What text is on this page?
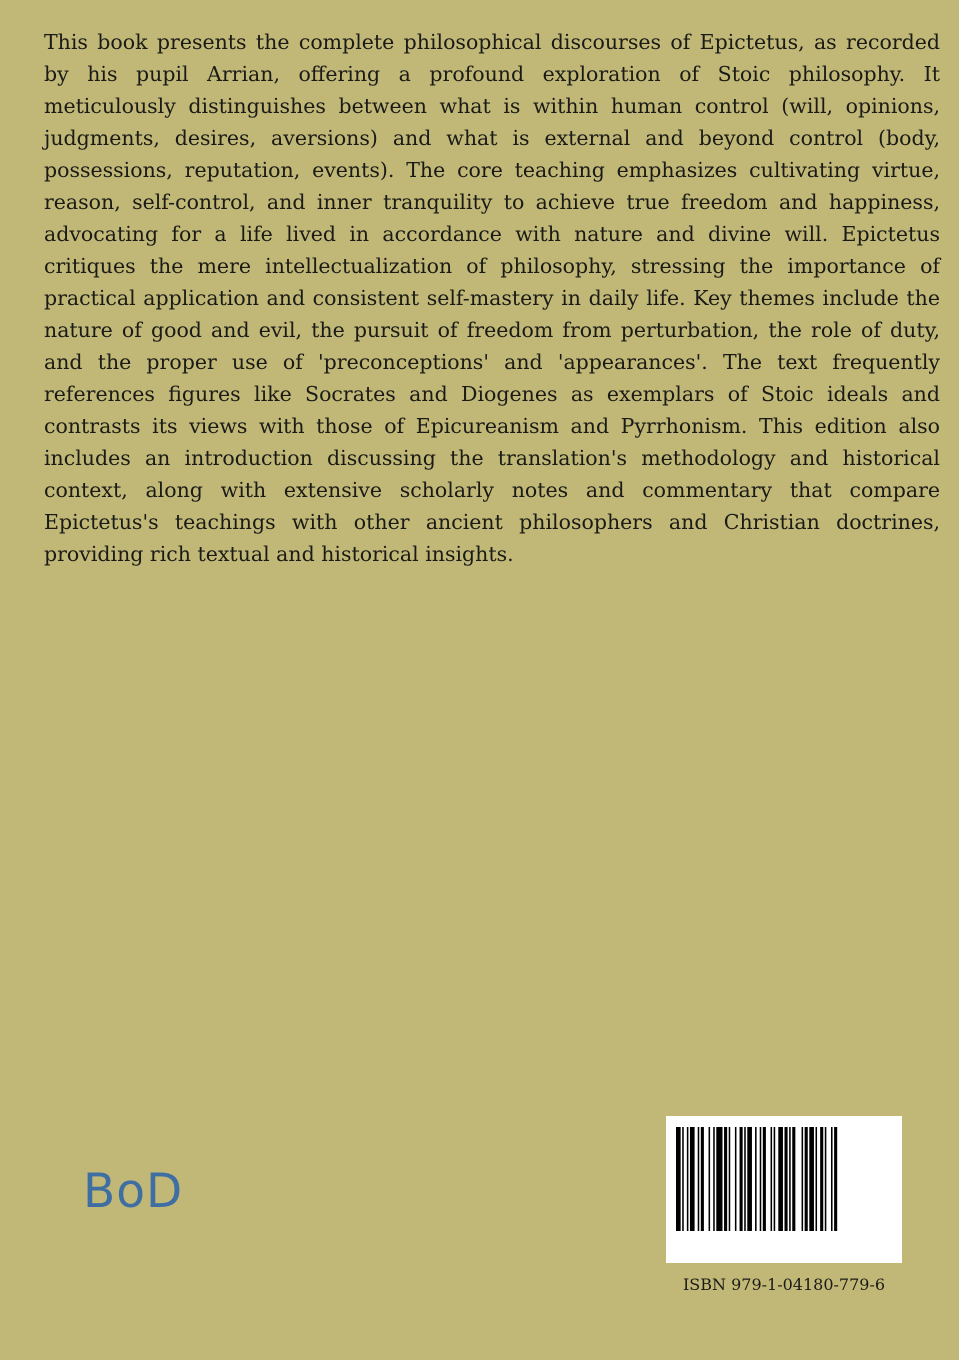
This book presents the complete philosophical discourses of Epictetus, as recorded by his pupil Arrian, offering a profound exploration of Stoic philosophy. It meticulously distinguishes between what is within human control (will, opinions, judgments, desires, aversions) and what is external and beyond control (body, possessions, reputation, events). The core teaching emphasizes cultivating virtue, reason, self-control, and inner tranquility to achieve true freedom and happiness, advocating for a life lived in accordance with nature and divine will. Epictetus critiques the mere intellectualization of philosophy, stressing the importance of practical application and consistent self-mastery in daily life. Key themes include the nature of good and evil, the pursuit of freedom from perturbation, the role of duty, and the proper use of 'preconceptions' and 'appearances'. The text frequently references figures like Socrates and Diogenes as exemplars of Stoic ideals and contrasts its views with those of Epicureanism and Pyrrhonism. This edition also includes an introduction discussing the translation's methodology and historical context, along with extensive scholarly notes and commentary that compare Epictetus's teachings with other ancient philosophers and Christian doctrines, providing rich textual and historical insights.

BoD
ISBN 979-1-04180-779-6
